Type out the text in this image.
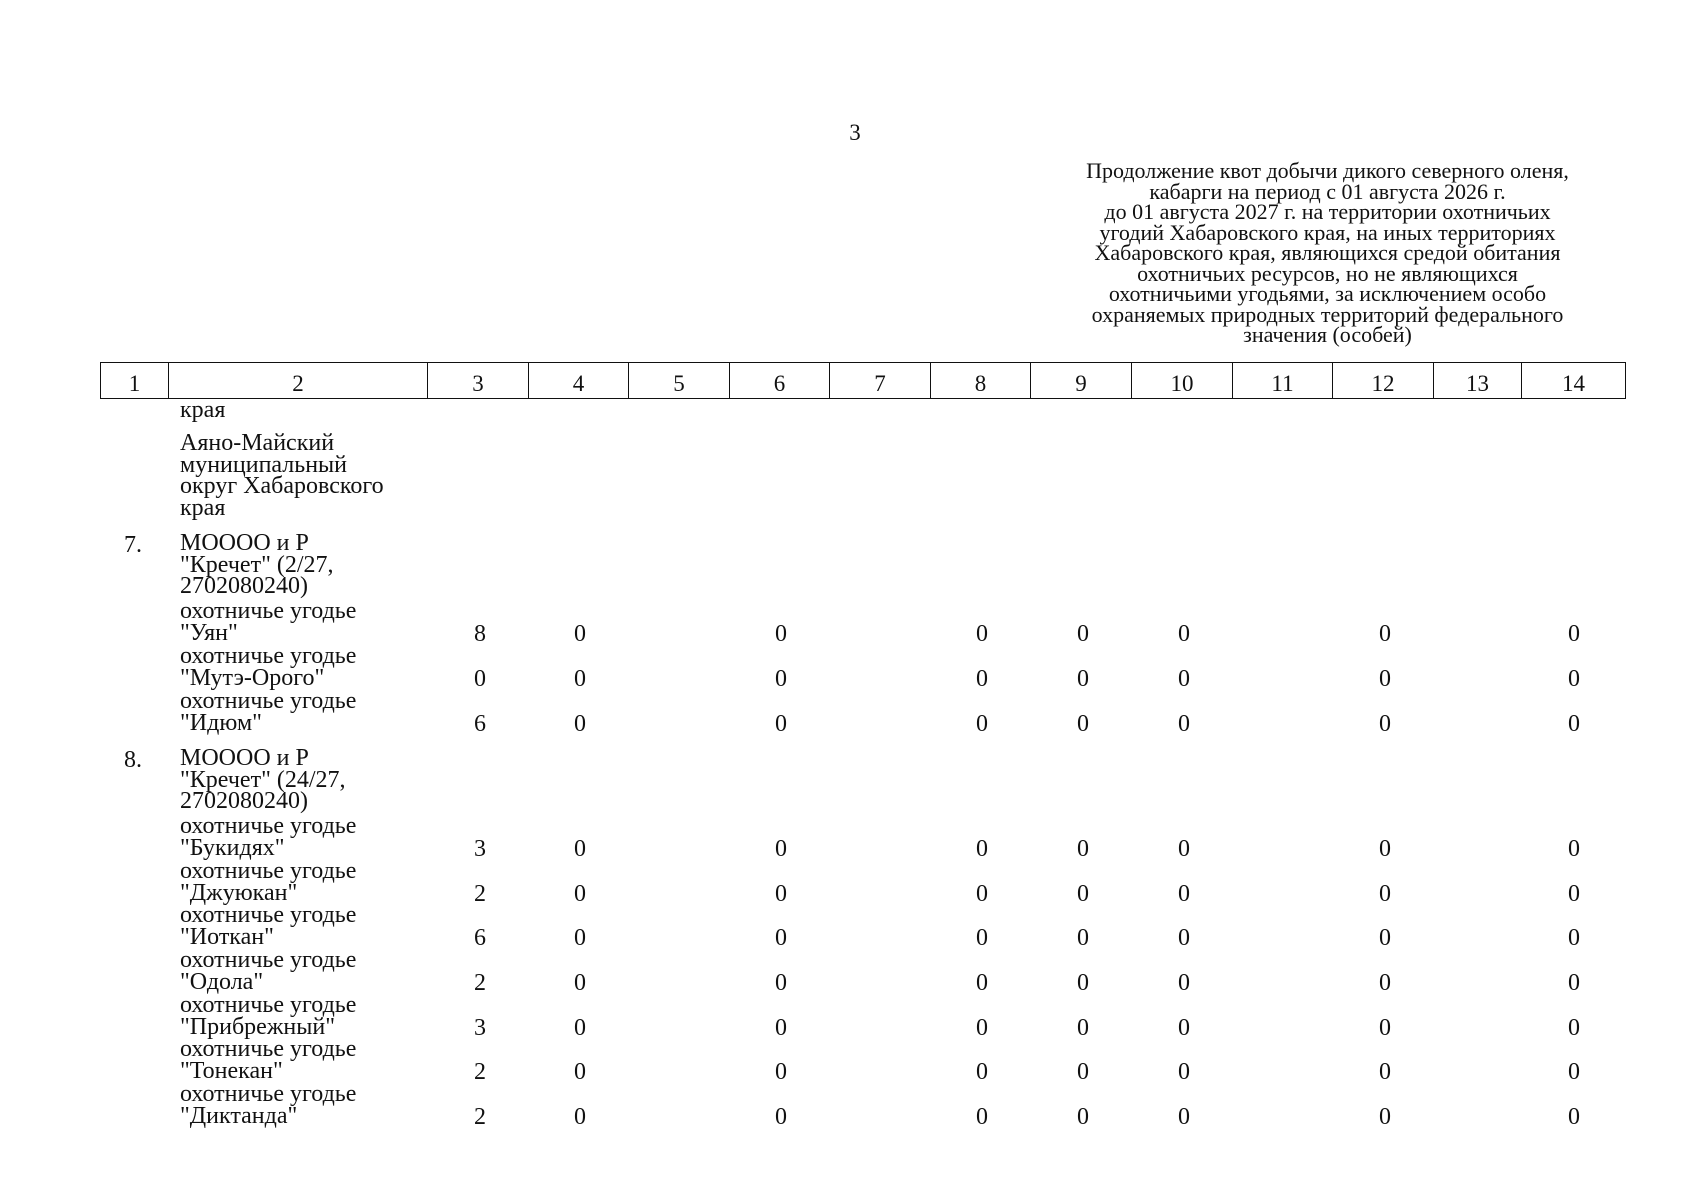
3
Продолжение квот добычи дикого северного оленя,
кабарги на период с 01 августа 2026 г.
до 01 августа 2027 г. на территории охотничьих
угодий Хабаровского края, на иных территориях
Хабаровского края, являющихся средой обитания
охотничьих ресурсов, но не являющихся
охотничьими угодьями, за исключением особо
охраняемых природных территорий федерального
значения (особей)
1	2	3	4	5	6	7	8	9	10	11	12	13	14
края
Аяно-Майский
муниципальный
округ Хабаровского
края
7. МОООО и Р
"Кречет" (2/27,
2702080240)
охотничье угодье
"Уян"	8	0	0	0	0	0	0	0
охотничье угодье
"Мутэ-Орого"	0	0	0	0	0	0	0	0
охотничье угодье
"Идюм"	6	0	0	0	0	0	0	0
8. МОООО и Р
"Кречет" (24/27,
2702080240)
охотничье угодье
"Букидях"	3	0	0	0	0	0	0	0
охотничье угодье
"Джуюкан"	2	0	0	0	0	0	0	0
охотничье угодье
"Иоткан"	6	0	0	0	0	0	0	0
охотничье угодье
"Одола"	2	0	0	0	0	0	0	0
охотничье угодье
"Прибрежный"	3	0	0	0	0	0	0	0
охотничье угодье
"Тонекан"	2	0	0	0	0	0	0	0
охотничье угодье
"Диктанда"	2	0	0	0	0	0	0	0
